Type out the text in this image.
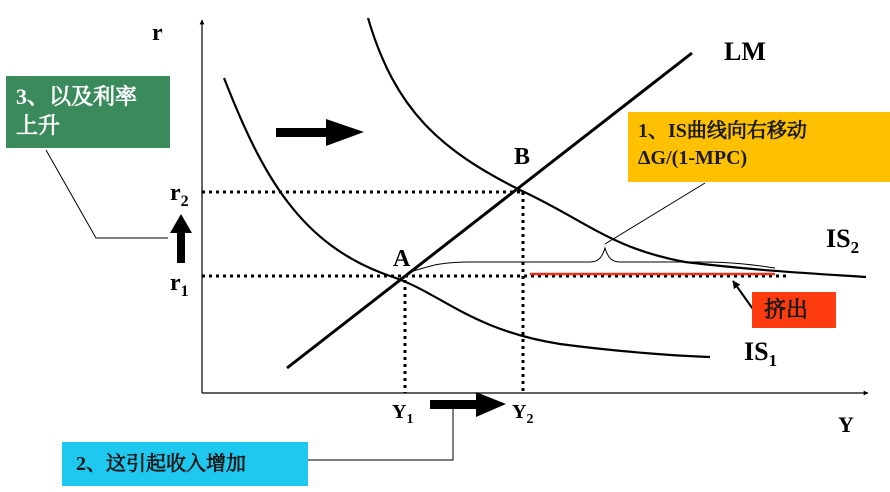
r
Y
LM
$IS_2$
$IS_1$
A
B
$r_2$
$r_1$
$Y_1$	$Y_2$
3、以及利率
上升	1、IS曲线向右移动
ΔG/(1-MPC)
2、这引起收入增加
挤出
